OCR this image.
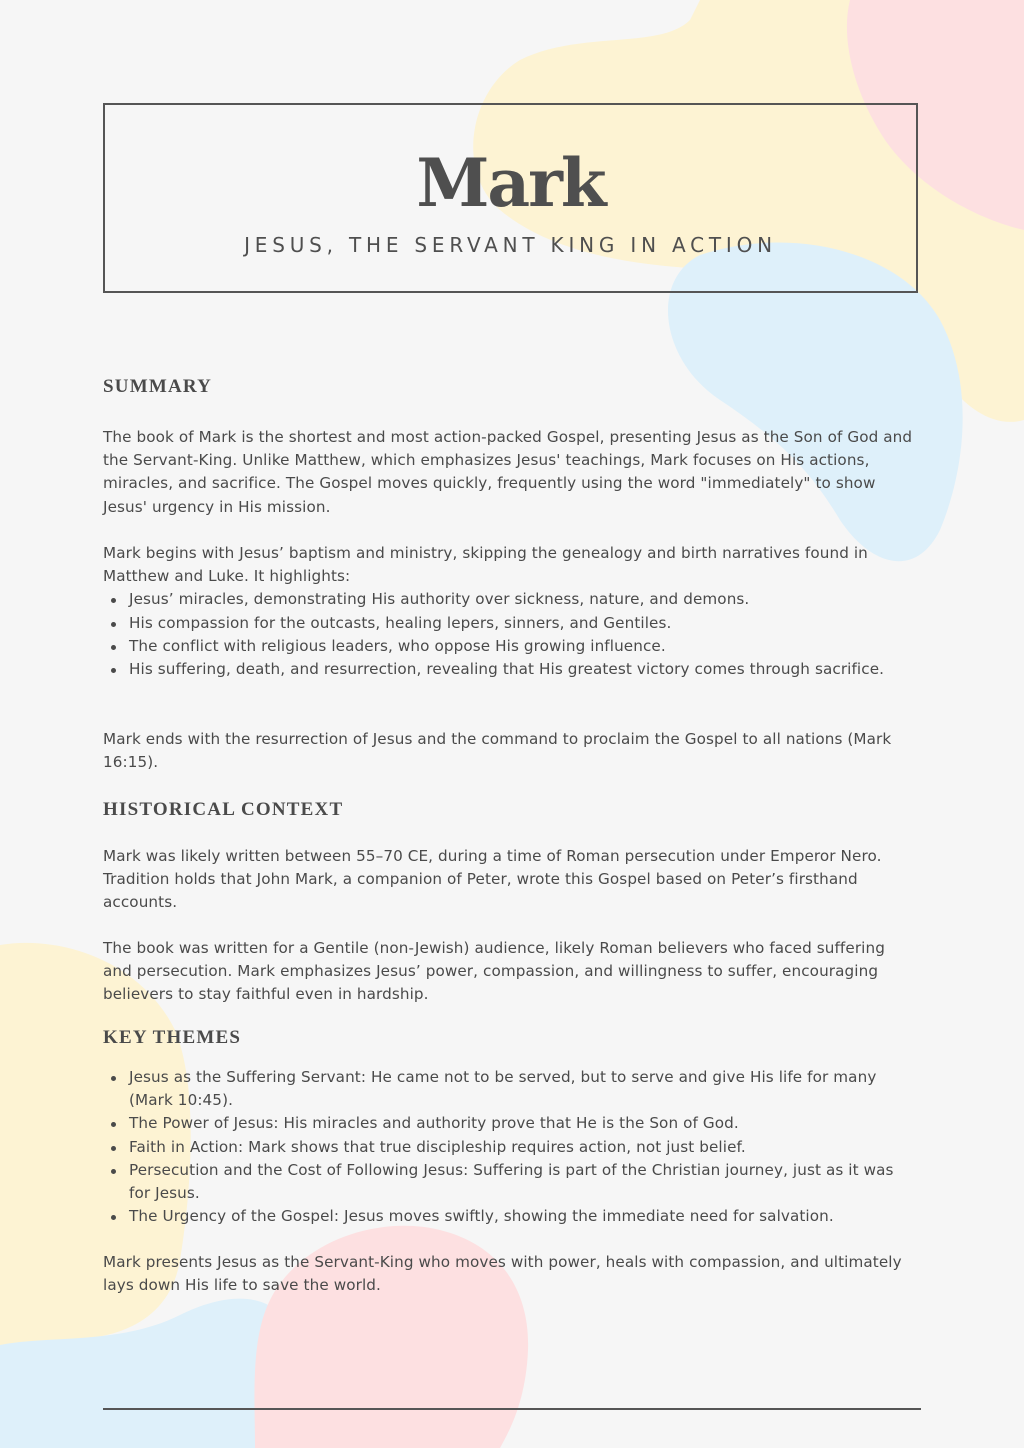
Mark
JESUS, THE SERVANT KING IN ACTION
SUMMARY

The book of Mark is the shortest and most action-packed Gospel, presenting Jesus as the Son of God and the Servant-King. Unlike Matthew, which emphasizes Jesus' teachings, Mark focuses on His actions, miracles, and sacrifice. The Gospel moves quickly, frequently using the word "immediately" to show Jesus' urgency in His mission.

Mark begins with Jesus’ baptism and ministry, skipping the genealogy and birth narratives found in Matthew and Luke. It highlights:

Jesus’ miracles, demonstrating His authority over sickness, nature, and demons.
His compassion for the outcasts, healing lepers, sinners, and Gentiles.
The conflict with religious leaders, who oppose His growing influence.
His suffering, death, and resurrection, revealing that His greatest victory comes through sacrifice.

Mark ends with the resurrection of Jesus and the command to proclaim the Gospel to all nations (Mark 16:15).

HISTORICAL CONTEXT

Mark was likely written between 55–70 CE, during a time of Roman persecution under Emperor Nero. Tradition holds that John Mark, a companion of Peter, wrote this Gospel based on Peter’s firsthand accounts.

The book was written for a Gentile (non-Jewish) audience, likely Roman believers who faced suffering and persecution. Mark emphasizes Jesus’ power, compassion, and willingness to suffer, encouraging believers to stay faithful even in hardship.

KEY THEMES
Jesus as the Suffering Servant: He came not to be served, but to serve and give His life for many (Mark 10:45).
The Power of Jesus: His miracles and authority prove that He is the Son of God.
Faith in Action: Mark shows that true discipleship requires action, not just belief.
Persecution and the Cost of Following Jesus: Suffering is part of the Christian journey, just as it was for Jesus.
The Urgency of the Gospel: Jesus moves swiftly, showing the immediate need for salvation.

Mark presents Jesus as the Servant-King who moves with power, heals with compassion, and ultimately lays down His life to save the world.
